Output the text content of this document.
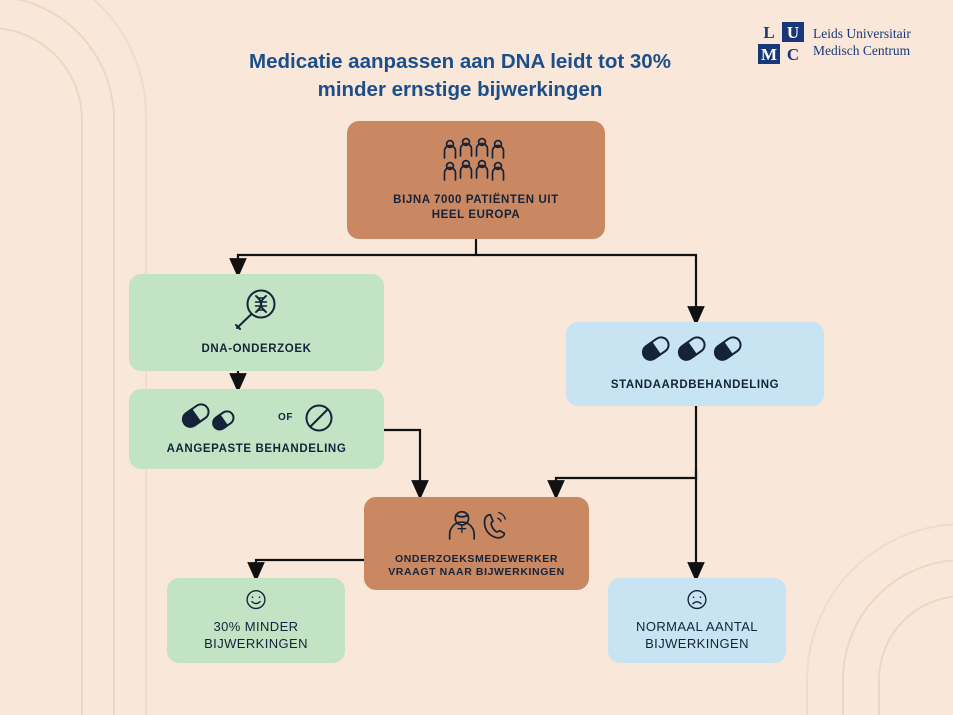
L U
M C
Leids Universitair
Medisch Centrum
Medicatie aanpassen aan DNA leidt tot 30%
minder ernstige bijwerkingen
BIJNA 7000 PATIËNTEN UIT
HEEL EUROPA
DNA-ONDERZOEK
OF
AANGEPASTE BEHANDELING
STANDAARDBEHANDELING
ONDERZOEKSMEDEWERKER
VRAAGT NAAR BIJWERKINGEN
30% MINDER
BIJWERKINGEN
NORMAAL AANTAL
BIJWERKINGEN
